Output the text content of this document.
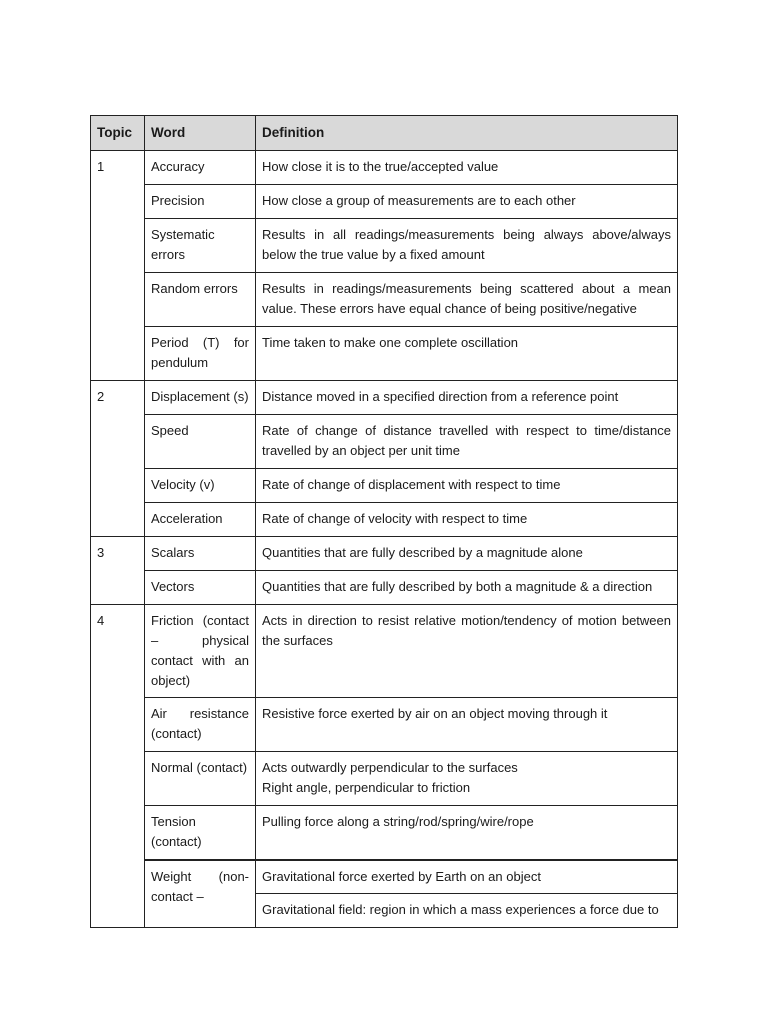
Topic	Word	Definition
1	Accuracy	How close it is to the true/accepted value
	Precision	How close a group of measurements are to each other
	Systematic errors	Results in all readings/measurements being always above/always below the true value by a fixed amount
	Random errors	Results in readings/measurements being scattered about a mean value. These errors have equal chance of being positive/negative
	Period (T) for pendulum	Time taken to make one complete oscillation
2	Displacement (s)	Distance moved in a specified direction from a reference point
	Speed	Rate of change of distance travelled with respect to time/distance travelled by an object per unit time
	Velocity (v)	Rate of change of displacement with respect to time
	Acceleration	Rate of change of velocity with respect to time
3	Scalars	Quantities that are fully described by a magnitude alone
	Vectors	Quantities that are fully described by both a magnitude & a direction
4	Friction (contact – physical contact with an object)	Acts in direction to resist relative motion/tendency of motion between the surfaces
	Air resistance (contact)	Resistive force exerted by air on an object moving through it
	Normal (contact)	Acts outwardly perpendicular to the surfaces
Right angle, perpendicular to friction

	Tension (contact)	Pulling force along a string/rod/spring/wire/rope
	Weight (non-contact –	Gravitational force exerted by Earth on an object
		Gravitational field: region in which a mass experiences a force due to
